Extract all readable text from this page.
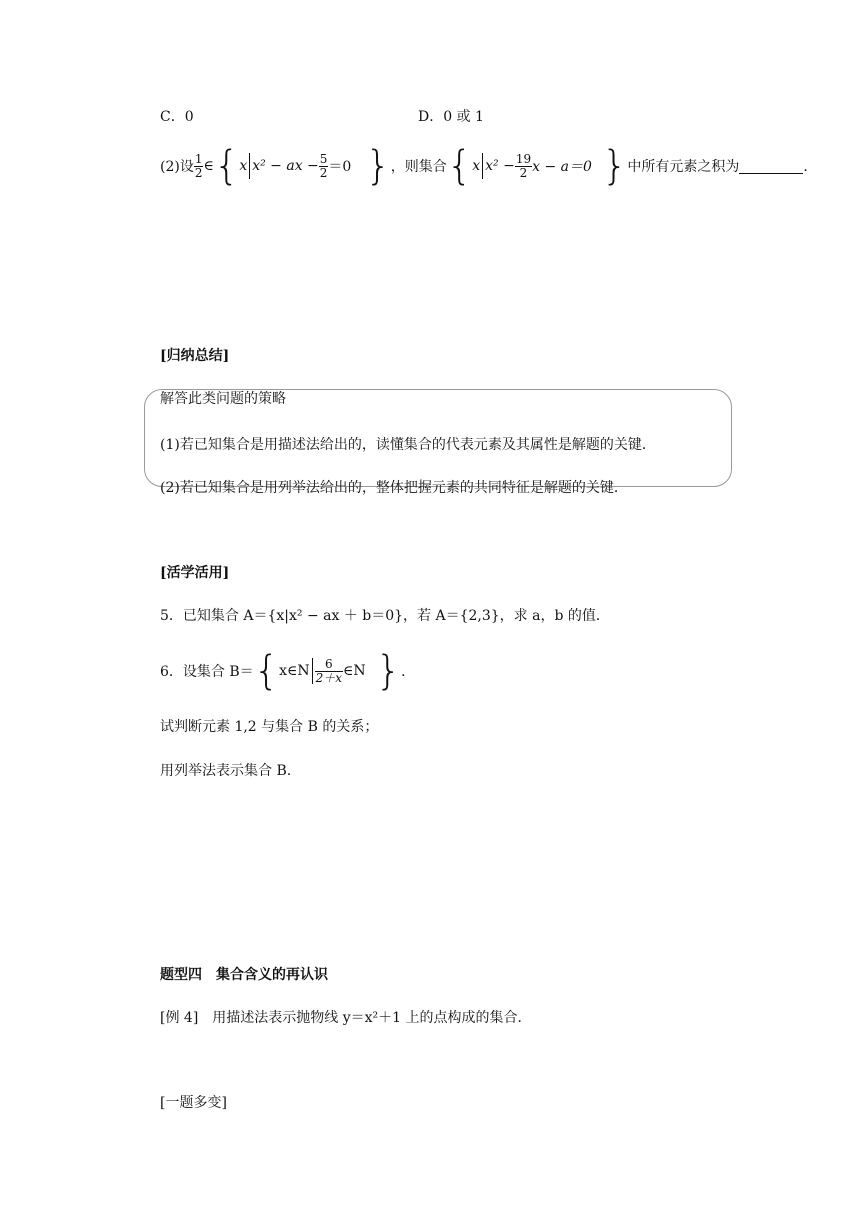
C．0	D．0 或 1
(2)设 $\frac{1}{2}$ ∈ { x x² − ax − $\frac{5}{2} =0$ } ，则集合 { x $x^2 - \frac{19}{2}$ x − a＝0 } 中所有元素之积为	．
[归纳总结]
解答此类问题的策略
(1)若已知集合是用描述法给出的，读懂集合的代表元素及其属性是解题的关键．
(2)若已知集合是用列举法给出的，整体把握元素的共同特征是解题的关键．
[活学活用]
5．已知集合 A＝{x|x² − ax ＋ b＝0}，若 A＝{2,3}，求 a，b 的值．
6．设集合 B＝ { x∈N $\frac{6}{2+x}$ ∈N } ．
试判断元素 1,2 与集合 B 的关系；
用列举法表示集合 B.
题型四　集合含义的再认识
[例 4]　用描述法表示抛物线 y＝x²＋1 上的点构成的集合．
[一题多变]
